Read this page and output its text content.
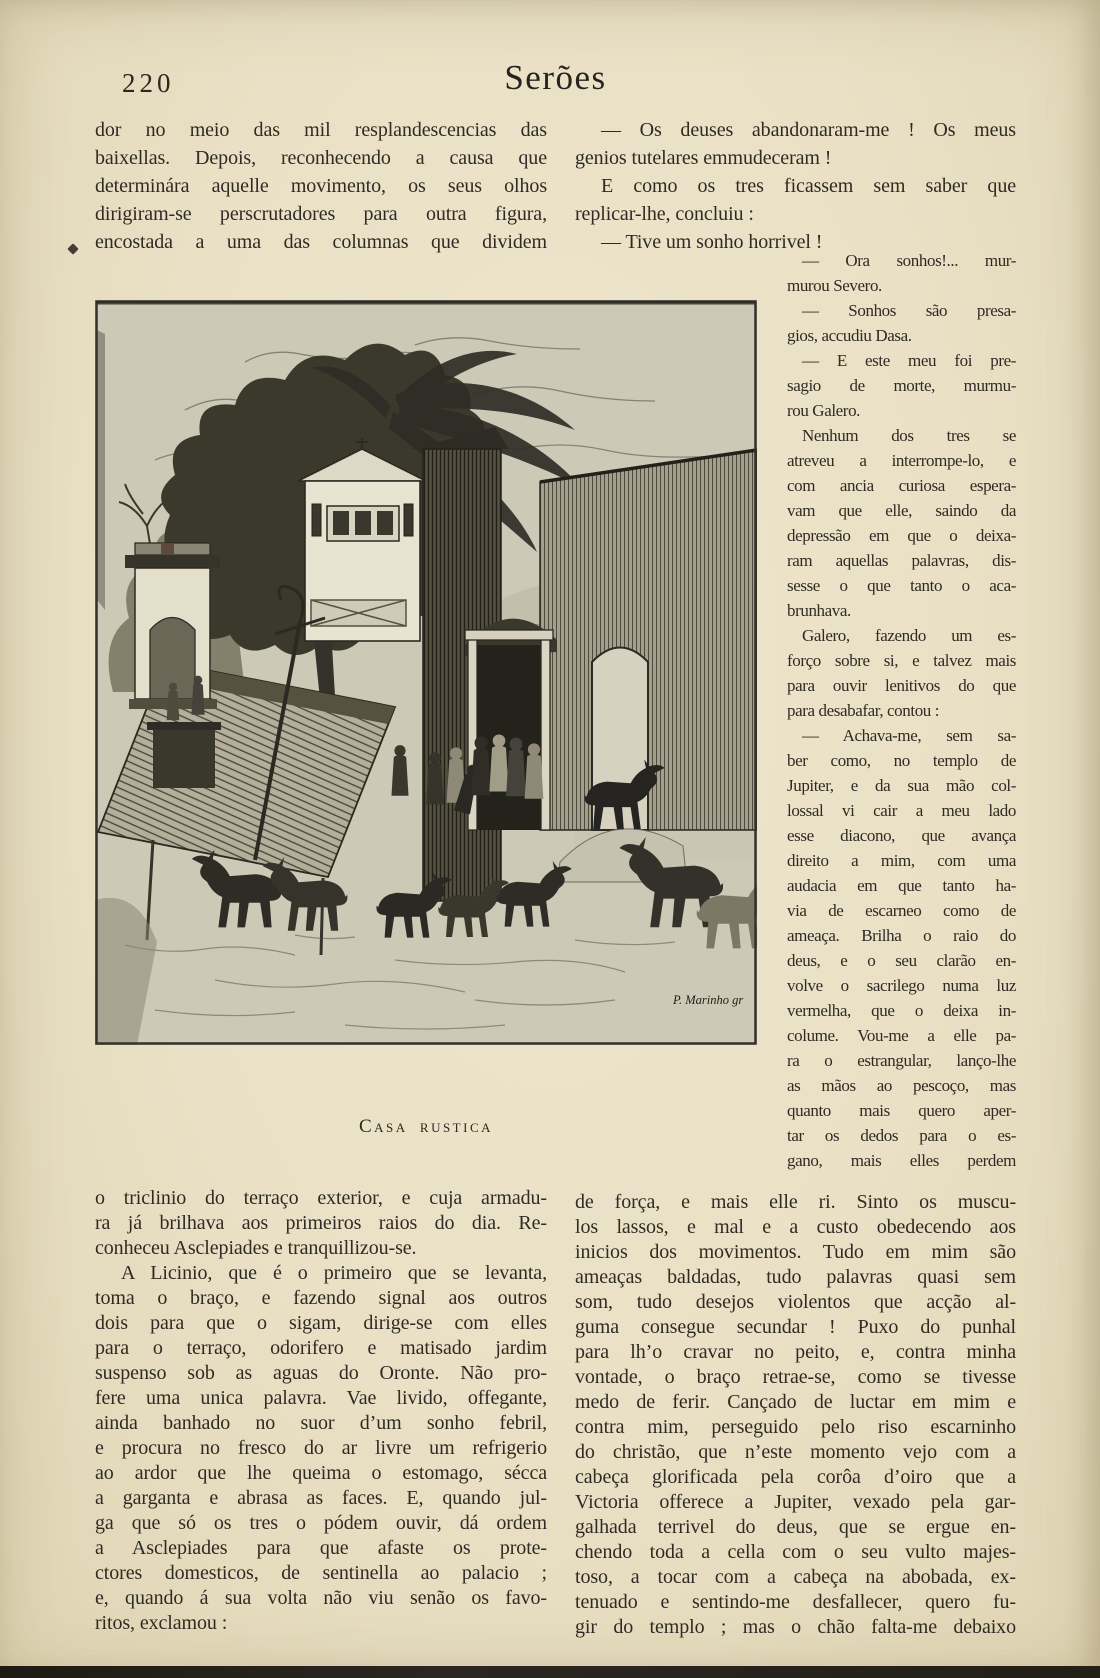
220	Serões
dor no meio das mil resplandescencias das
baixellas. Depois, reconhecendo a causa que
determinára aquelle movimento, os seus olhos
dirigiram-se perscrutadores para outra figura,
encostada a uma das columnas que dividem
— Os deuses abandonaram-me ! Os meus
genios tutelares emmudeceram !
E como os tres ficassem sem saber que
replicar-lhe, concluiu :
— Tive um sonho horrivel !
— Ora sonhos!... mur-
murou Severo.
— Sonhos são presa-
gios, accudiu Dasa.
— E este meu foi pre-
sagio de morte, murmu-
rou Galero.
Nenhum dos tres se
atreveu a interrompe-lo, e
com ancia curiosa espera-
vam que elle, saindo da
depressão em que o deixa-
ram aquellas palavras, dis-
sesse o que tanto o aca-
brunhava.
Galero, fazendo um es-
forço sobre si, e talvez mais
para ouvir lenitivos do que
para desabafar, contou :
— Achava-me, sem sa-
ber como, no templo de
Jupiter, e da sua mão col-
lossal vi cair a meu lado
esse diacono, que avança
direito a mim, com uma
audacia em que tanto ha-
via de escarneo como de
ameaça. Brilha o raio do
deus, e o seu clarão en-
volve o sacrilego numa luz
vermelha, que o deixa in-
colume. Vou-me a elle pa-
ra o estrangular, lanço-lhe
as mãos ao pescoço, mas
quanto mais quero aper-
tar os dedos para o es-
gano, mais elles perdem
P. Marinho gr
Casa rustica
o triclinio do terraço exterior, e cuja armadu-
ra já brilhava aos primeiros raios do dia. Re-
conheceu Asclepiades e tranquillizou-se.
A Licinio, que é o primeiro que se levanta,
toma o braço, e fazendo signal aos outros
dois para que o sigam, dirige-se com elles
para o terraço, odorifero e matisado jardim
suspenso sob as aguas do Oronte. Não pro-
fere uma unica palavra. Vae livido, offegante,
ainda banhado no suor d’um sonho febril,
e procura no fresco do ar livre um refrigerio
ao ardor que lhe queima o estomago, sécca
a garganta e abrasa as faces. E, quando jul-
ga que só os tres o pódem ouvir, dá ordem
a Asclepiades para que afaste os prote-
ctores domesticos, de sentinella ao palacio ;
e, quando á sua volta não viu senão os favo-
ritos, exclamou :
de força, e mais elle ri. Sinto os muscu-
los lassos, e mal e a custo obedecendo aos
inicios dos movimentos. Tudo em mim são
ameaças baldadas, tudo palavras quasi sem
som, tudo desejos violentos que acção al-
guma consegue secundar ! Puxo do punhal
para lh’o cravar no peito, e, contra minha
vontade, o braço retrae-se, como se tivesse
medo de ferir. Cançado de luctar em mim e
contra mim, perseguido pelo riso escarninho
do christão, que n’este momento vejo com a
cabeça glorificada pela corôa d’oiro que a
Victoria offerece a Jupiter, vexado pela gar-
galhada terrivel do deus, que se ergue en-
chendo toda a cella com o seu vulto majes-
toso, a tocar com a cabeça na abobada, ex-
tenuado e sentindo-me desfallecer, quero fu-
gir do templo ; mas o chão falta-me debaixo
